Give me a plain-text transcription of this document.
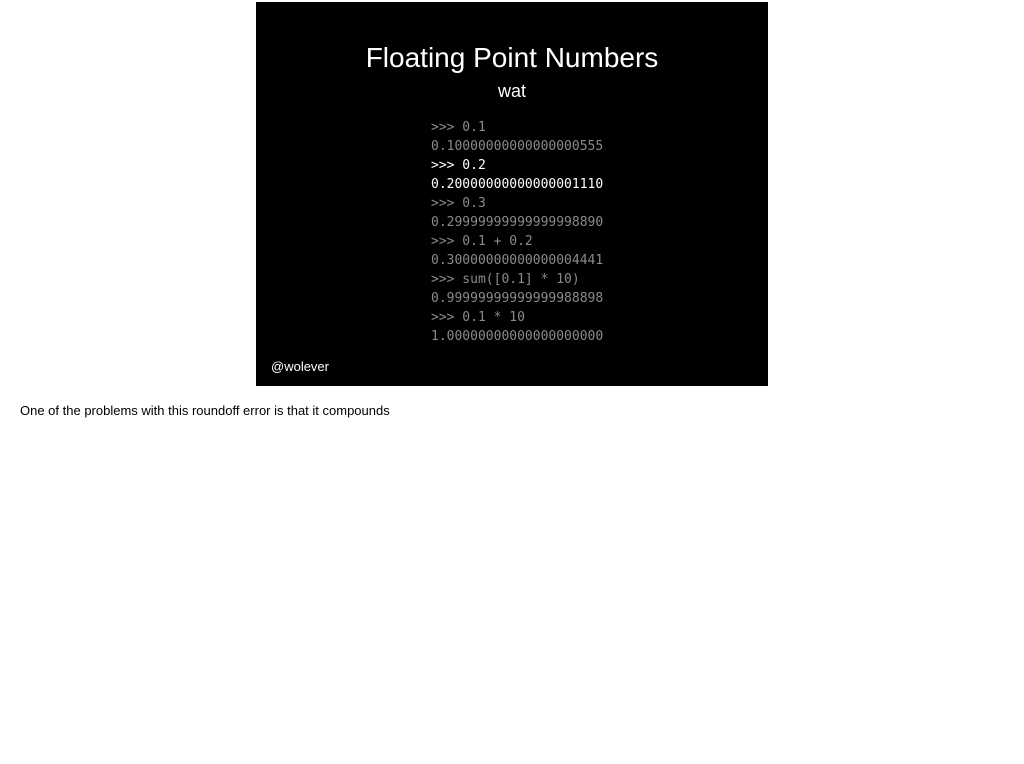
Floating Point Numbers
wat
>>> 0.1
0.10000000000000000555
>>> 0.2
0.20000000000000001110
>>> 0.3
0.29999999999999998890
>>> 0.1 + 0.2
0.30000000000000004441
>>> sum([0.1] * 10)
0.99999999999999988898
>>> 0.1 * 10
1.00000000000000000000
@wolever
One of the problems with this roundoff error is that it compounds
